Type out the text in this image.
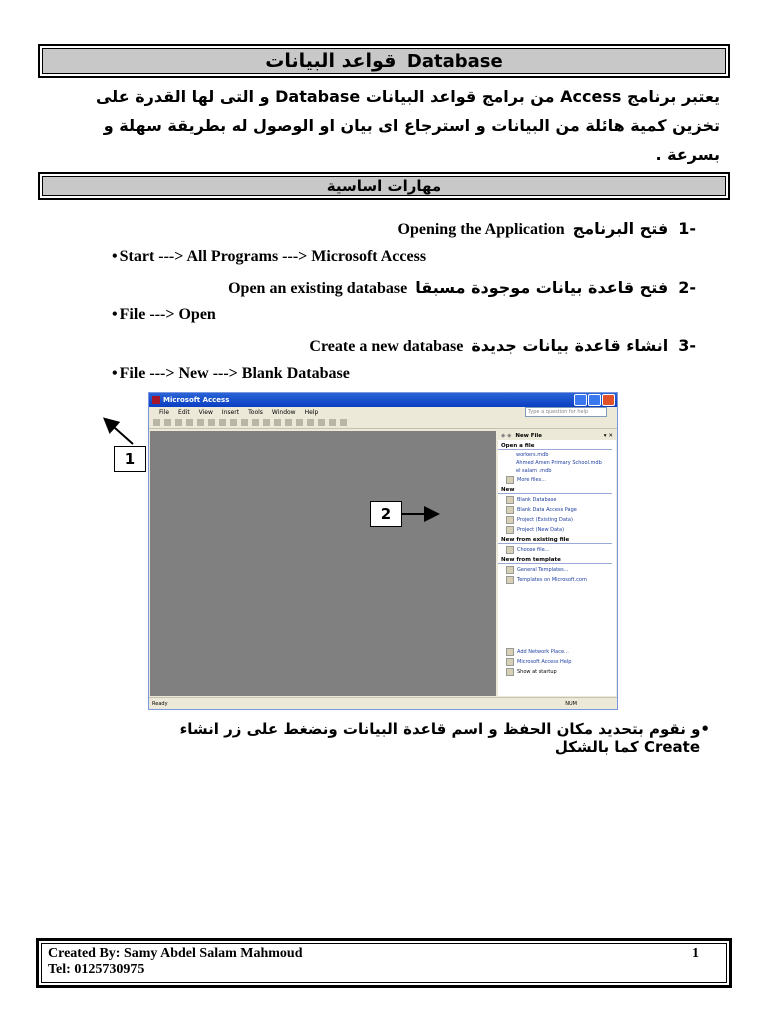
قواعد البيانات Database
يعتبر برنامج Access من برامج قواعد البيانات Database و التى لها القدرة على
تخزين كمية هائلة من البيانات و استرجاع اى بيان او الوصول له بطريقة سهلة و
بسرعة .
مهارات اساسية
-1 فتح البرنامج Opening the Application
• Start ---> All Programs ---> Microsoft Access
-2 فتح قاعدة بيانات موجودة مسبقا Open an existing database
• File ---> Open
-3 انشاء قاعدة بيانات جديدة Create a new database
• File ---> New ---> Blank Database
Microsoft Access
File Edit View Insert Tools Window Help	Type a question for help
◆ ◆ New File	▾ ✕
Open a file
workers.mdb
Ahmed Amen Primary School.mdb
el salam .mdb
More files...
New
Blank Database
Blank Data Access Page
Project (Existing Data)
Project (New Data)
New from existing file
Choose file...
New from template
General Templates...
Templates on Microsoft.com
Add Network Place...
Microsoft Access Help
Show at startup
Ready	NUM
1
2
•و نقوم بتحديد مكان الحفظ و اسم قاعدة البيانات ونضغط على زر انشاء
Create كما بالشكل
Created By: Samy Abdel Salam Mahmoud
Tel: 0125730975
1
